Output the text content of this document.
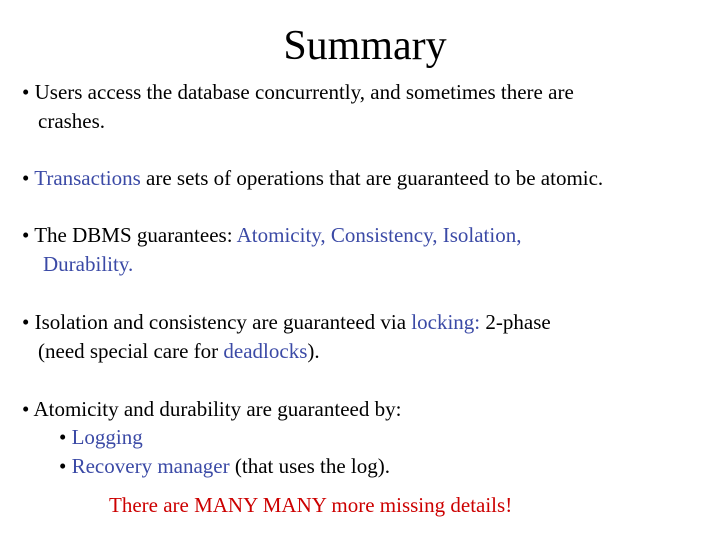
Summary
• Users access the database concurrently, and sometimes there are
crashes.
• Transactions are sets of operations that are guaranteed to be atomic.
• The DBMS guarantees: Atomicity, Consistency, Isolation,
Durability.
• Isolation and consistency are guaranteed via locking: 2-phase
(need special care for deadlocks).
• Atomicity and durability are guaranteed by:
• Logging
• Recovery manager (that uses the log).
There are MANY MANY more missing details!
